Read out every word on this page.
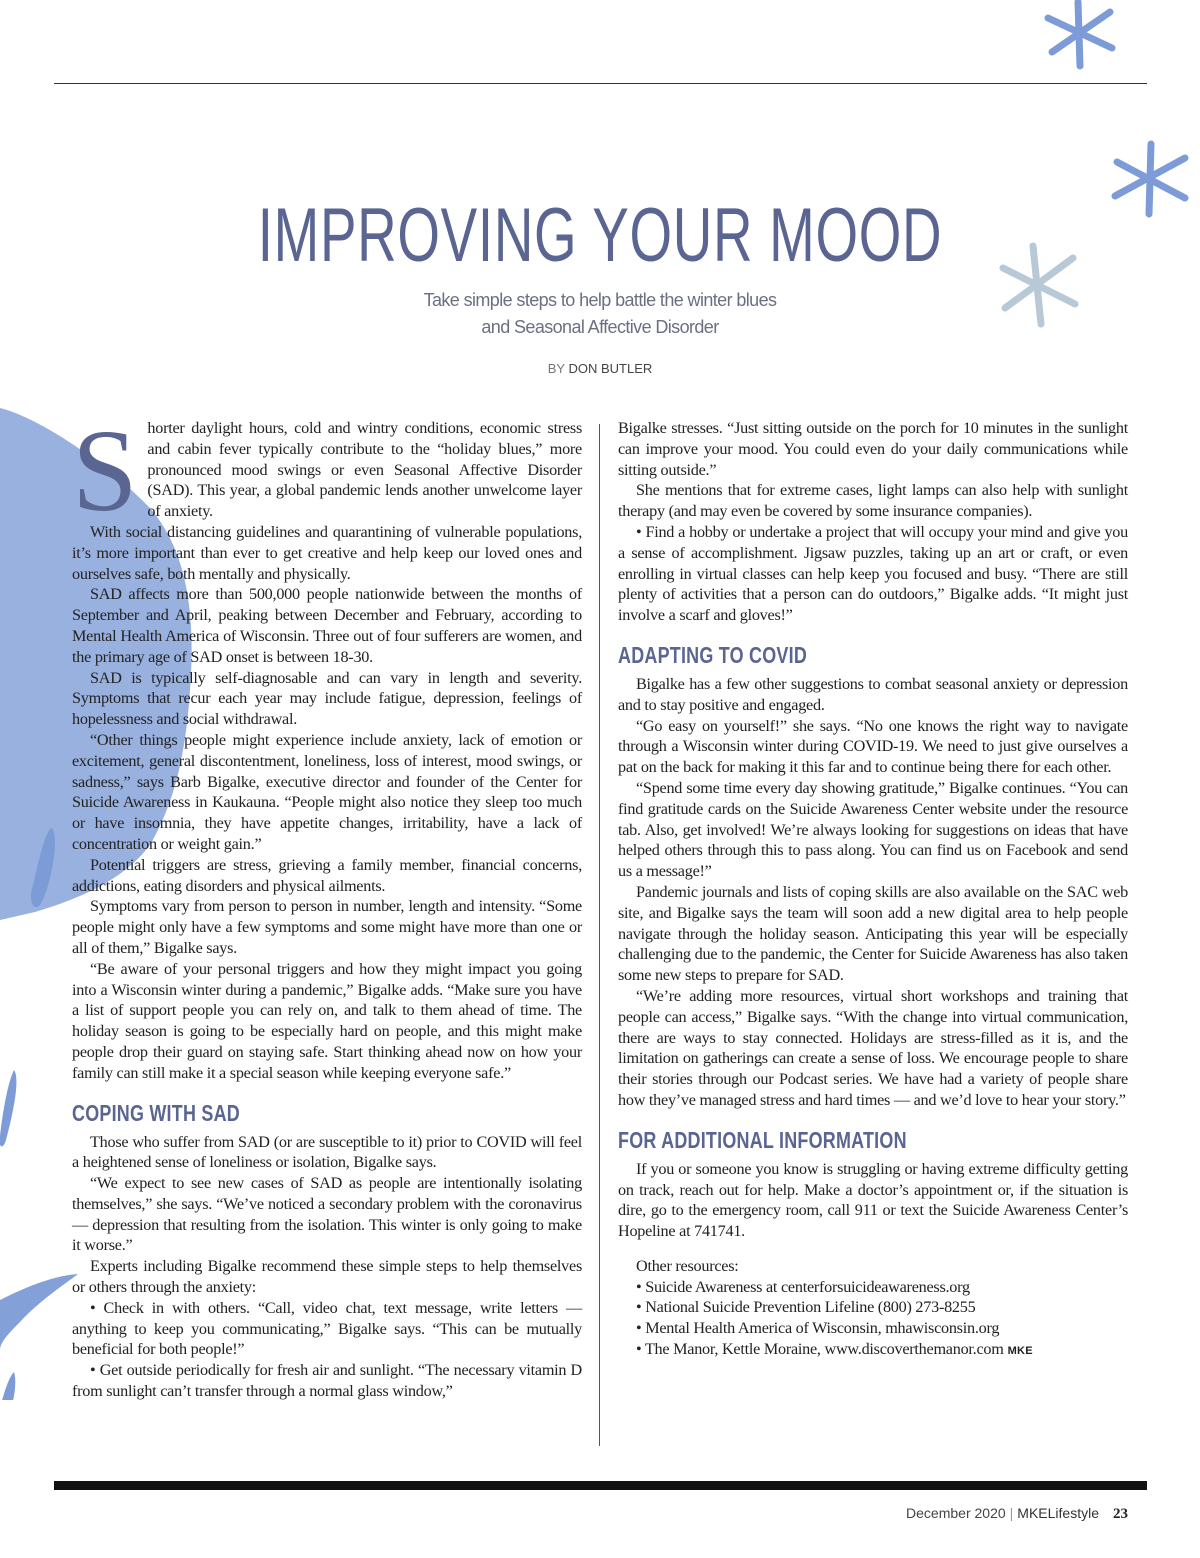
IMPROVING YOUR MOOD
Take simple steps to help battle the winter blues
and Seasonal Affective Disorder
BY DON BUTLER

Shorter daylight hours, cold and wintry conditions, economic stress and cabin fever typically contribute to the “holiday blues,” more pronounced mood swings or even Seasonal Affective Disorder (SAD). This year, a global pandemic lends another unwelcome layer of anxiety.

With social distancing guidelines and quarantining of vulnerable populations, it’s more important than ever to get creative and help keep our loved ones and ourselves safe, both mentally and physically.

SAD affects more than 500,000 people nationwide between the months of September and April, peaking between December and February, according to Mental Health America of Wisconsin. Three out of four sufferers are women, and the primary age of SAD onset is between 18-30.

SAD is typically self-diagnosable and can vary in length and severity. Symptoms that recur each year may include fatigue, depression, feelings of hopelessness and social withdrawal.

“Other things people might experience include anxiety, lack of emotion or excitement, general discontentment, loneliness, loss of interest, mood swings, or sadness,” says Barb Bigalke, executive director and founder of the Center for Suicide Awareness in Kaukauna. “People might also notice they sleep too much or have insomnia, they have appetite changes, irritability, have a lack of concentration or weight gain.”

Potential triggers are stress, grieving a family member, financial concerns, addictions, eating disorders and physical ailments.

Symptoms vary from person to person in number, length and intensity. “Some people might only have a few symptoms and some might have more than one or all of them,” Bigalke says.

“Be aware of your personal triggers and how they might impact you going into a Wisconsin winter during a pandemic,” Bigalke adds. “Make sure you have a list of support people you can rely on, and talk to them ahead of time. The holiday season is going to be especially hard on people, and this might make people drop their guard on staying safe. Start thinking ahead now on how your family can still make it a special season while keeping everyone safe.”

COPING WITH SAD

Those who suffer from SAD (or are susceptible to it) prior to COVID will feel a heightened sense of loneliness or isolation, Bigalke says.

“We expect to see new cases of SAD as people are intentionally isolating themselves,” she says. “We’ve noticed a secondary problem with the coronavirus — depression that resulting from the isolation. This winter is only going to make it worse.”

Experts including Bigalke recommend these simple steps to help themselves or others through the anxiety:

• Check in with others. “Call, video chat, text message, write letters — anything to keep you communicating,” Bigalke says. “This can be mutually beneficial for both people!”

• Get outside periodically for fresh air and sunlight. “The necessary vitamin D from sunlight can’t transfer through a normal glass window,”

Bigalke stresses. “Just sitting outside on the porch for 10 minutes in the sunlight can improve your mood. You could even do your daily communications while sitting outside.”

She mentions that for extreme cases, light lamps can also help with sunlight therapy (and may even be covered by some insurance companies).

• Find a hobby or undertake a project that will occupy your mind and give you a sense of accomplishment. Jigsaw puzzles, taking up an art or craft, or even enrolling in virtual classes can help keep you focused and busy. “There are still plenty of activities that a person can do outdoors,” Bigalke adds. “It might just involve a scarf and gloves!”

ADAPTING TO COVID

Bigalke has a few other suggestions to combat seasonal anxiety or depression and to stay positive and engaged.

“Go easy on yourself!” she says. “No one knows the right way to navigate through a Wisconsin winter during COVID-19. We need to just give ourselves a pat on the back for making it this far and to continue being there for each other.

“Spend some time every day showing gratitude,” Bigalke continues. “You can find gratitude cards on the Suicide Awareness Center website under the resource tab. Also, get involved! We’re always looking for suggestions on ideas that have helped others through this to pass along. You can find us on Facebook and send us a message!”

Pandemic journals and lists of coping skills are also available on the SAC web site, and Bigalke says the team will soon add a new digital area to help people navigate through the holiday season. Anticipating this year will be especially challenging due to the pandemic, the Center for Suicide Awareness has also taken some new steps to prepare for SAD.

“We’re adding more resources, virtual short workshops and training that people can access,” Bigalke says. “With the change into virtual communication, there are ways to stay connected. Holidays are stress-filled as it is, and the limitation on gatherings can create a sense of loss. We encourage people to share their stories through our Podcast series. We have had a variety of people share how they’ve managed stress and hard times — and we’d love to hear your story.”

FOR ADDITIONAL INFORMATION

If you or someone you know is struggling or having extreme difficulty getting on track, reach out for help. Make a doctor’s appointment or, if the situation is dire, go to the emergency room, call 911 or text the Suicide Awareness Center’s Hopeline at 741741.

Other resources:

• Suicide Awareness at centerforsuicideawareness.org

• National Suicide Prevention Lifeline (800) 273-8255

• Mental Health America of Wisconsin, mhawisconsin.org

• The Manor, Kettle Moraine, www.discoverthemanor.com MKE

December 2020 | MKELifestyle 23
